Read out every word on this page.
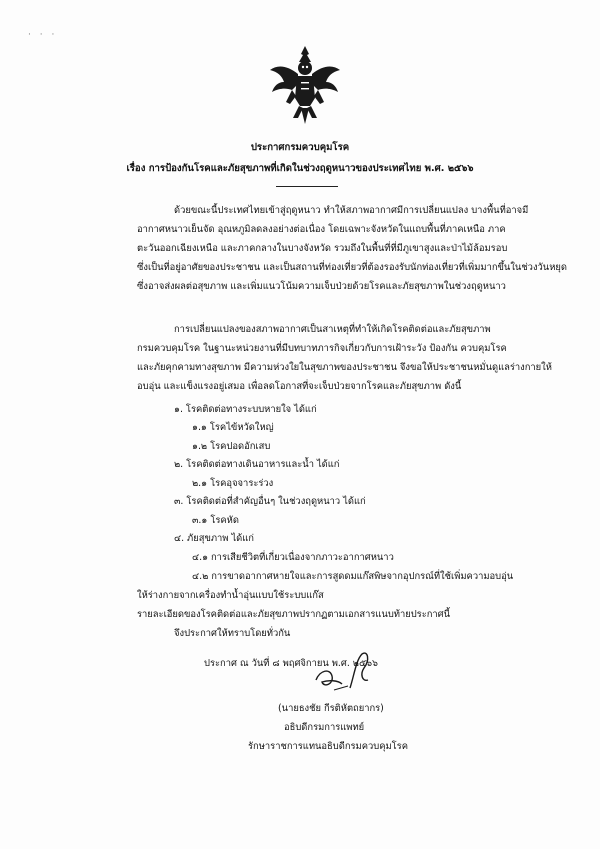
· · ·
ประกาศกรมควบคุมโรค
เรื่อง การป้องกันโรคและภัยสุขภาพที่เกิดในช่วงฤดูหนาวของประเทศไทย พ.ศ. ๒๕๖๖
ด้วยขณะนี้ประเทศไทยเข้าสู่ฤดูหนาว ทำให้สภาพอากาศมีการเปลี่ยนแปลง บางพื้นที่อาจมี
อากาศหนาวเย็นจัด อุณหภูมิลดลงอย่างต่อเนื่อง โดยเฉพาะจังหวัดในแถบพื้นที่ภาคเหนือ ภาค
ตะวันออกเฉียงเหนือ และภาคกลางในบางจังหวัด รวมถึงในพื้นที่ที่มีภูเขาสูงและป่าไม้ล้อมรอบ
ซึ่งเป็นที่อยู่อาศัยของประชาชน และเป็นสถานที่ท่องเที่ยวที่ต้องรองรับนักท่องเที่ยวที่เพิ่มมากขึ้นในช่วงวันหยุด
ซึ่งอาจส่งผลต่อสุขภาพ และเพิ่มแนวโน้มความเจ็บป่วยด้วยโรคและภัยสุขภาพในช่วงฤดูหนาว
การเปลี่ยนแปลงของสภาพอากาศเป็นสาเหตุที่ทำให้เกิดโรคติดต่อและภัยสุขภาพ
กรมควบคุมโรค ในฐานะหน่วยงานที่มีบทบาทภารกิจเกี่ยวกับการเฝ้าระวัง ป้องกัน ควบคุมโรค
และภัยคุกคามทางสุขภาพ มีความห่วงใยในสุขภาพของประชาชน จึงขอให้ประชาชนหมั่นดูแลร่างกายให้
อบอุ่น และแข็งแรงอยู่เสมอ เพื่อลดโอกาสที่จะเจ็บป่วยจากโรคและภัยสุขภาพ ดังนี้
๑. โรคติดต่อทางระบบหายใจ ได้แก่
๑.๑ โรคไข้หวัดใหญ่
๑.๒ โรคปอดอักเสบ
๒. โรคติดต่อทางเดินอาหารและน้ำ ได้แก่
๒.๑ โรคอุจจาระร่วง
๓. โรคติดต่อที่สำคัญอื่นๆ ในช่วงฤดูหนาว ได้แก่
๓.๑ โรคหัด
๔. ภัยสุขภาพ ได้แก่
๔.๑ การเสียชีวิตที่เกี่ยวเนื่องจากภาวะอากาศหนาว
๔.๒ การขาดอากาศหายใจและการสูดดมแก๊สพิษจากอุปกรณ์ที่ใช้เพิ่มความอบอุ่น
ให้ร่างกายจากเครื่องทำน้ำอุ่นแบบใช้ระบบแก๊ส
รายละเอียดของโรคติดต่อและภัยสุขภาพปรากฏตามเอกสารแนบท้ายประกาศนี้
จึงประกาศให้ทราบโดยทั่วกัน
ประกาศ ณ วันที่ ๘ พฤศจิกายน พ.ศ. ๒๕๖๖
(นายธงชัย กีรติหัตถยากร)
อธิบดีกรมการแพทย์
รักษาราชการแทนอธิบดีกรมควบคุมโรค
